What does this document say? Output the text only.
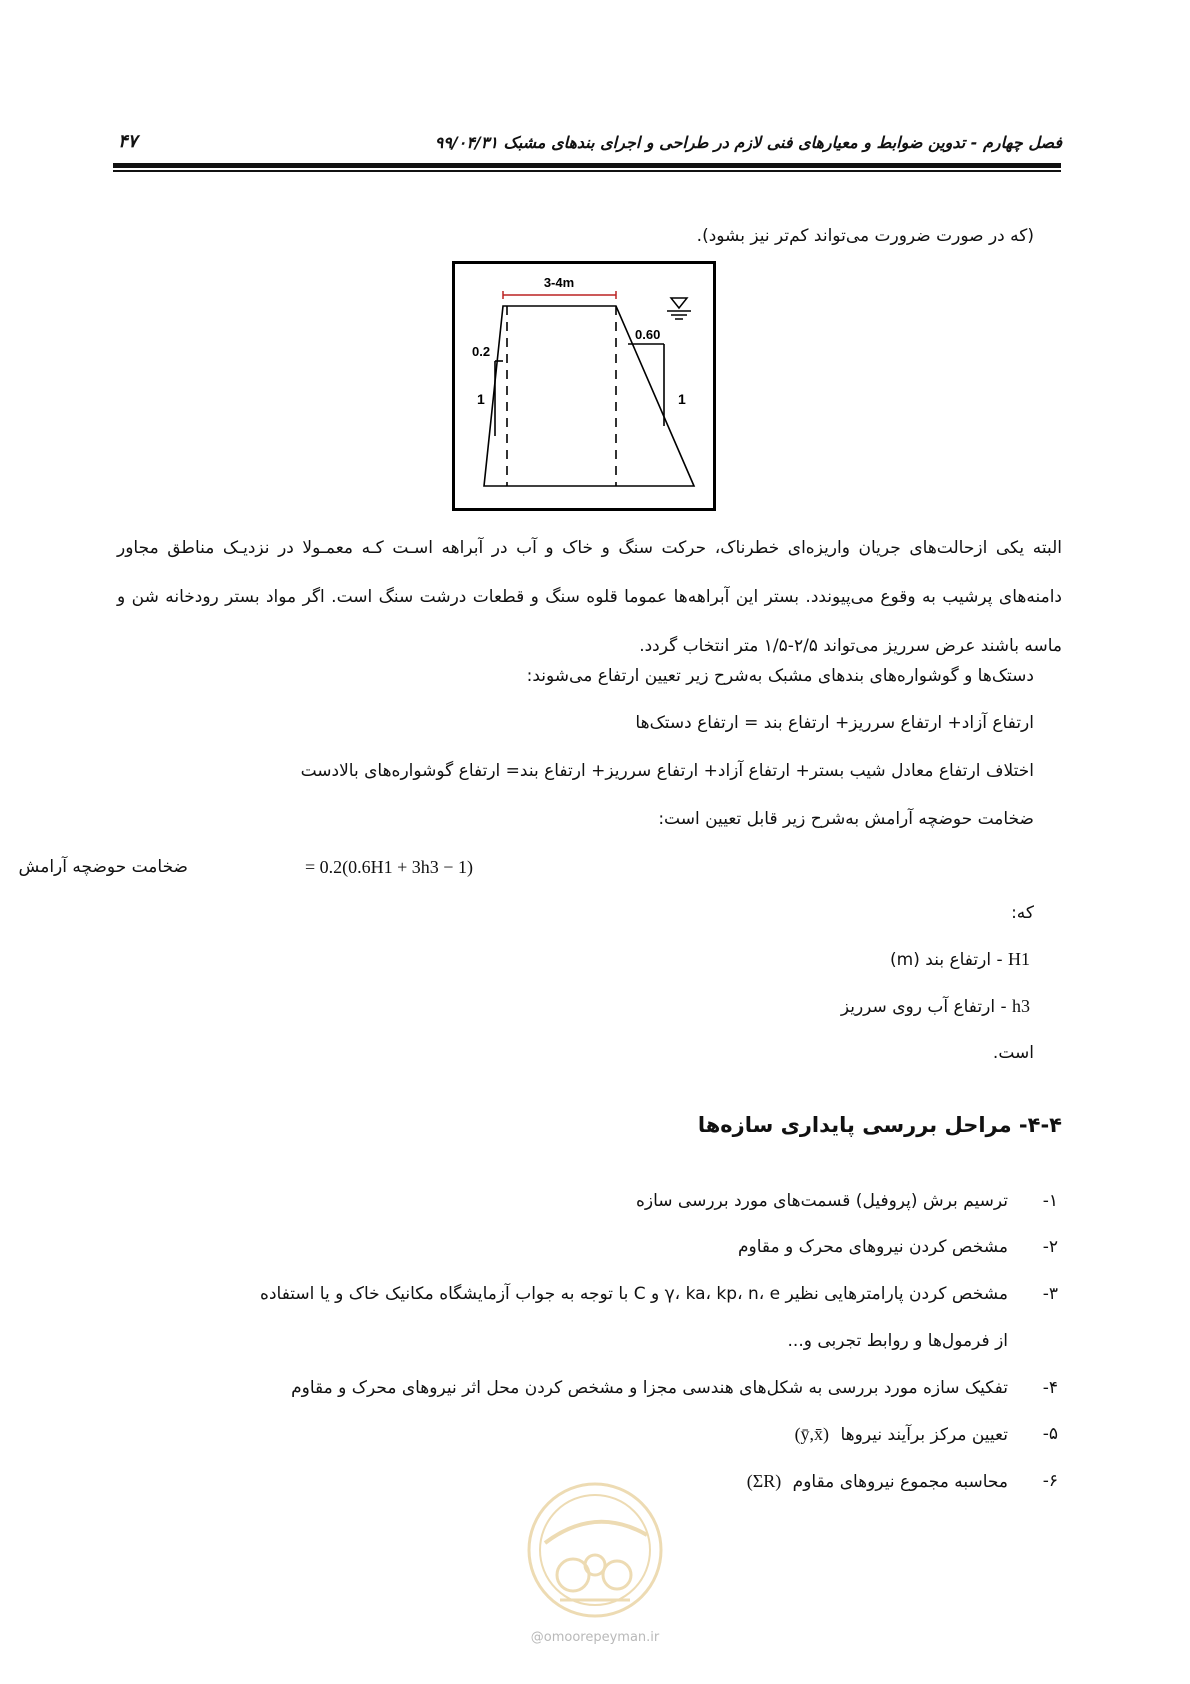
فصل چهارم - تدوین ضوابط و معیارهای فنی لازم در طراحی و اجرای بندهای مشبک ۹۹/۰۴/۳۱
۴۷
(که در صورت ضرورت می‌تواند کم‌تر نیز بشود).
3-4m
0.2
1
0.60
1
البته یکی ازحالت‌های جریان واریزه‌ای خطرناک، حرکت سنگ و خاک و آب در آبراهه اسـت کـه معمـولا در نزدیـک مناطق مجاور دامنه‌های پرشیب به وقوع می‌پیوندد. بستر این آبراهه‌ها عموما قلوه سنگ و قطعات درشت سنگ است. اگر مواد بستر رودخانه شن و ماسه باشند عرض سرریز می‌تواند ۲/۵-۱/۵ متر انتخاب گردد.
دستک‌ها و گوشواره‌های بندهای مشبک به‌شرح زیر تعیین ارتفاع می‌شوند:
ارتفاع آزاد+ ارتفاع سرریز+ ارتفاع بند = ارتفاع دستک‌ها
اختلاف ارتفاع معادل شیب بستر+ ارتفاع آزاد+ ارتفاع سرریز+ ارتفاع بند= ارتفاع گوشواره‌های بالادست
ضخامت حوضچه آرامش به‌شرح زیر قابل تعیین است:
ضخامت حوضچه آرامش	= 0.2(0.6H1 + 3h3 − 1)
که:
H1 - ارتفاع بند (m)
h3 - ارتفاع آب روی سرریز
است.
۴-۴- مراحل بررسی پایداری سازه‌ها
-۱
ترسیم برش (پروفیل) قسمت‌های مورد بررسی سازه
-۲
مشخص کردن نیروهای محرک و مقاوم
-۳
مشخص کردن پارامترهایی نظیر γ، ka، kp، n، e و C با توجه به جواب آزمایشگاه مکانیک خاک و یا استفاده
از فرمول‌ها و روابط تجربی و...
-۴
تفکیک سازه مورد بررسی به شکل‌های هندسی مجزا و مشخص کردن محل اثر نیروهای محرک و مقاوم
-۵
تعیین مرکز برآیند نیروها (ȳ,x̄)
-۶
محاسبه مجموع نیروهای مقاوم (ΣR)
@omoorepeyman.ir
